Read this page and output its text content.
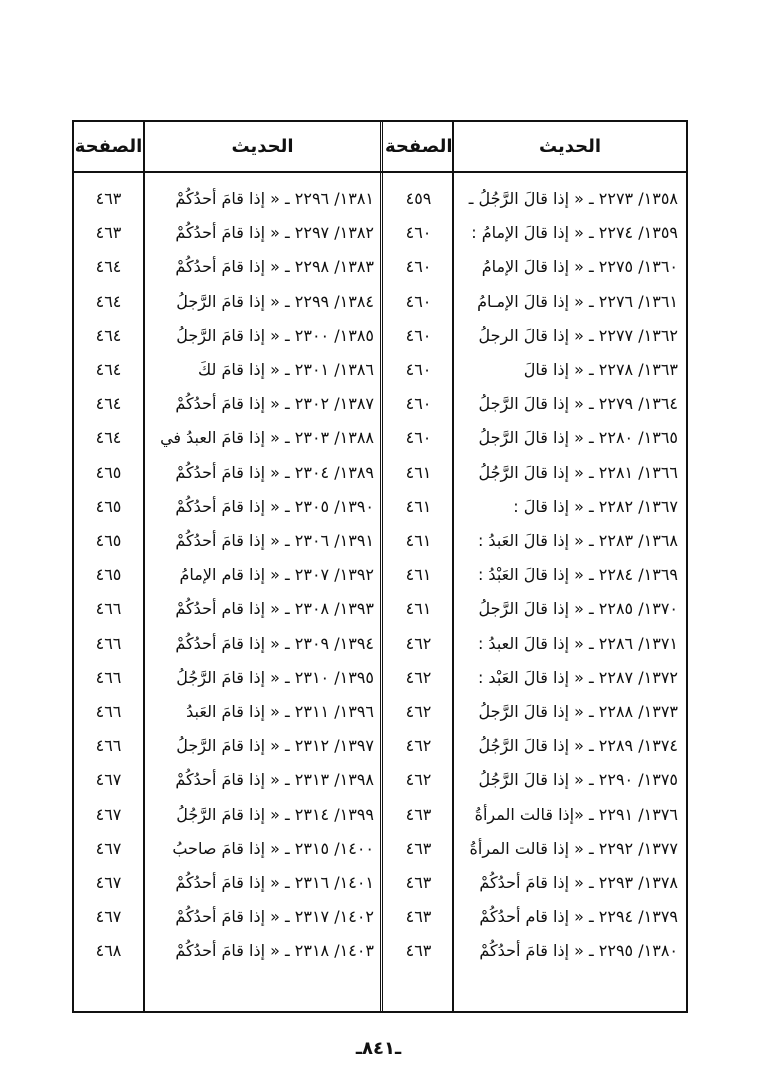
الصفحة	الحديث	الصفحة	الحديث
٤٦٣	١٣٨١/ ٢٢٩٦ ـ « إذا قامَ أحدُكُمْ	٤٥٩	١٣٥٨/ ٢٢٧٣ ـ « إذا قالَ الرَّجُلُ ـ
٤٦٣	١٣٨٢/ ٢٢٩٧ ـ « إذا قامَ أحدُكُمْ	٤٦٠	١٣٥٩/ ٢٢٧٤ ـ « إذا قالَ الإمامُ :
٤٦٤	١٣٨٣/ ٢٢٩٨ ـ « إذا قامَ أحدُكُمْ	٤٦٠	١٣٦٠/ ٢٢٧٥ ـ « إذا قالَ الإمامُ
٤٦٤	١٣٨٤/ ٢٢٩٩ ـ « إذا قامَ الرَّجلُ	٤٦٠	١٣٦١/ ٢٢٧٦ ـ « إذا قالَ الإمـامُ
٤٦٤	١٣٨٥/ ٢٣٠٠ ـ « إذا قامَ الرَّجلُ	٤٦٠	١٣٦٢/ ٢٢٧٧ ـ « إذا قالَ الرجلُ
٤٦٤	١٣٨٦/ ٢٣٠١ ـ « إذا قامَ لكَ	٤٦٠	١٣٦٣/ ٢٢٧٨ ـ « إذا قالَ
٤٦٤	١٣٨٧/ ٢٣٠٢ ـ « إذا قامَ أحدُكُمْ	٤٦٠	١٣٦٤/ ٢٢٧٩ ـ « إذا قالَ الرَّجلُ
٤٦٤	١٣٨٨/ ٢٣٠٣ ـ « إذا قامَ العبدُ في	٤٦٠	١٣٦٥/ ٢٢٨٠ ـ « إذا قالَ الرَّجلُ
٤٦٥	١٣٨٩/ ٢٣٠٤ ـ « إذا قامَ أحدُكُمْ	٤٦١	١٣٦٦/ ٢٢٨١ ـ « إذا قالَ الرَّجُلُ
٤٦٥	١٣٩٠/ ٢٣٠٥ ـ « إذا قامَ أحدُكُمْ	٤٦١	١٣٦٧/ ٢٢٨٢ ـ « إذا قالَ :
٤٦٥	١٣٩١/ ٢٣٠٦ ـ « إذا قامَ أحدُكُمْ	٤٦١	١٣٦٨/ ٢٢٨٣ ـ « إذا قالَ العَبدُ :
٤٦٥	١٣٩٢/ ٢٣٠٧ ـ « إذا قام الإمامُ	٤٦١	١٣٦٩/ ٢٢٨٤ ـ « إذا قالَ العَبْدُ :
٤٦٦	١٣٩٣/ ٢٣٠٨ ـ « إذا قام أحدُكُمْ	٤٦١	١٣٧٠/ ٢٢٨٥ ـ « إذا قالَ الرَّجلُ
٤٦٦	١٣٩٤/ ٢٣٠٩ ـ « إذا قامَ أحدُكُمْ	٤٦٢	١٣٧١/ ٢٢٨٦ ـ « إذا قالَ العبدُ :
٤٦٦	١٣٩٥/ ٢٣١٠ ـ « إذا قامَ الرَّجُلُ	٤٦٢	١٣٧٢/ ٢٢٨٧ ـ « إذا قالَ العَبْد :
٤٦٦	١٣٩٦/ ٢٣١١ ـ « إذا قامَ العَبدُ	٤٦٢	١٣٧٣/ ٢٢٨٨ ـ « إذا قالَ الرَّجلُ
٤٦٦	١٣٩٧/ ٢٣١٢ ـ « إذا قامَ الرَّجلُ	٤٦٢	١٣٧٤/ ٢٢٨٩ ـ « إذا قالَ الرَّجُلُ
٤٦٧	١٣٩٨/ ٢٣١٣ ـ « إذا قامَ أحدُكُمْ	٤٦٢	١٣٧٥/ ٢٢٩٠ ـ « إذا قالَ الرَّجُلُ
٤٦٧	١٣٩٩/ ٢٣١٤ ـ « إذا قامَ الرَّجُلُ	٤٦٣	١٣٧٦/ ٢٢٩١ ـ «إذا قالت المرأةُ
٤٦٧	١٤٠٠/ ٢٣١٥ ـ « إذا قامَ صاحبُ	٤٦٣	١٣٧٧/ ٢٢٩٢ ـ « إذا قالت المرأةُ
٤٦٧	١٤٠١/ ٢٣١٦ ـ « إذا قامَ أحدُكُمْ	٤٦٣	١٣٧٨/ ٢٢٩٣ ـ « إذا قامَ أحدُكُمْ
٤٦٧	١٤٠٢/ ٢٣١٧ ـ « إذا قامَ أحدُكُمْ	٤٦٣	١٣٧٩/ ٢٢٩٤ ـ « إذا قام أحدُكُمْ
٤٦٨	١٤٠٣/ ٢٣١٨ ـ « إذا قامَ أحدُكُمْ	٤٦٣	١٣٨٠/ ٢٢٩٥ ـ « إذا قامَ أحدُكُمْ
ـ٨٤١ـ
